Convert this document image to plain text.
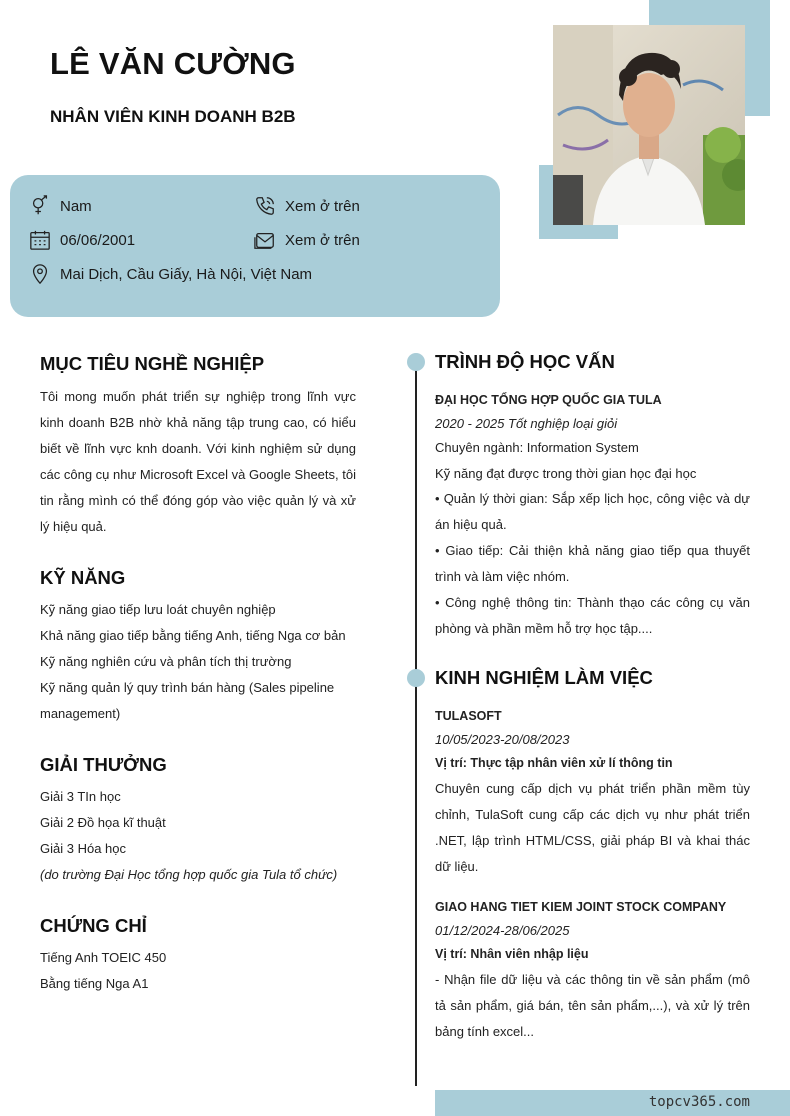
LÊ VĂN CƯỜNG
NHÂN VIÊN KINH DOANH B2B
Nam	Xem ở trên
06/06/2001	Xem ở trên
Mai Dịch, Cầu Giấy, Hà Nội, Việt Nam
MỤC TIÊU NGHỀ NGHIỆP
Tôi mong muốn phát triển sự nghiệp trong lĩnh vực kinh doanh B2B nhờ khả năng tập trung cao, có hiểu biết về lĩnh vực knh doanh. Với kinh nghiệm sử dụng các công cụ như Microsoft Excel và Google Sheets, tôi tin rằng mình có thể đóng góp vào việc quản lý và xử lý hiệu quả.
KỸ NĂNG
Kỹ năng giao tiếp lưu loát chuyên nghiệp
Khả năng giao tiếp bằng tiếng Anh, tiếng Nga cơ bản
Kỹ năng nghiên cứu và phân tích thị trường
Kỹ năng quản lý quy trình bán hàng (Sales pipeline
management)
GIẢI THƯỞNG
Giải 3 TIn học
Giải 2 Đồ họa kĩ thuật
Giải 3 Hóa học
(do trường Đại Học tổng hợp quốc gia Tula tổ chức)
CHỨNG CHỈ
Tiếng Anh TOEIC 450
Bằng tiếng Nga A1
TRÌNH ĐỘ HỌC VẤN
ĐẠI HỌC TỔNG HỢP QUỐC GIA TULA
2020 - 2025 Tốt nghiệp loại giỏi
Chuyên ngành: Information System
Kỹ năng đạt được trong thời gian học đại học
• Quản lý thời gian: Sắp xếp lịch học, công việc và dự án hiệu quả.
• Giao tiếp: Cải thiện khả năng giao tiếp qua thuyết trình và làm việc nhóm.
• Công nghệ thông tin: Thành thạo các công cụ văn phòng và phần mềm hỗ trợ học tập....
KINH NGHIỆM LÀM VIỆC
TULASOFT
10/05/2023-20/08/2023
Vị trí: Thực tập nhân viên xử lí thông tin
Chuyên cung cấp dịch vụ phát triển phần mềm tùy chỉnh, TulaSoft cung cấp các dịch vụ như phát triển .NET, lập trình HTML/CSS, giải pháp BI và khai thác dữ liệu.
GIAO HANG TIET KIEM JOINT STOCK COMPANY
01/12/2024-28/06/2025
Vị trí: Nhân viên nhập liệu
- Nhận file dữ liệu và các thông tin về sản phẩm (mô tả sản phẩm, giá bán, tên sản phẩm,...), và xử lý trên bảng tính excel...
topcv365.com
